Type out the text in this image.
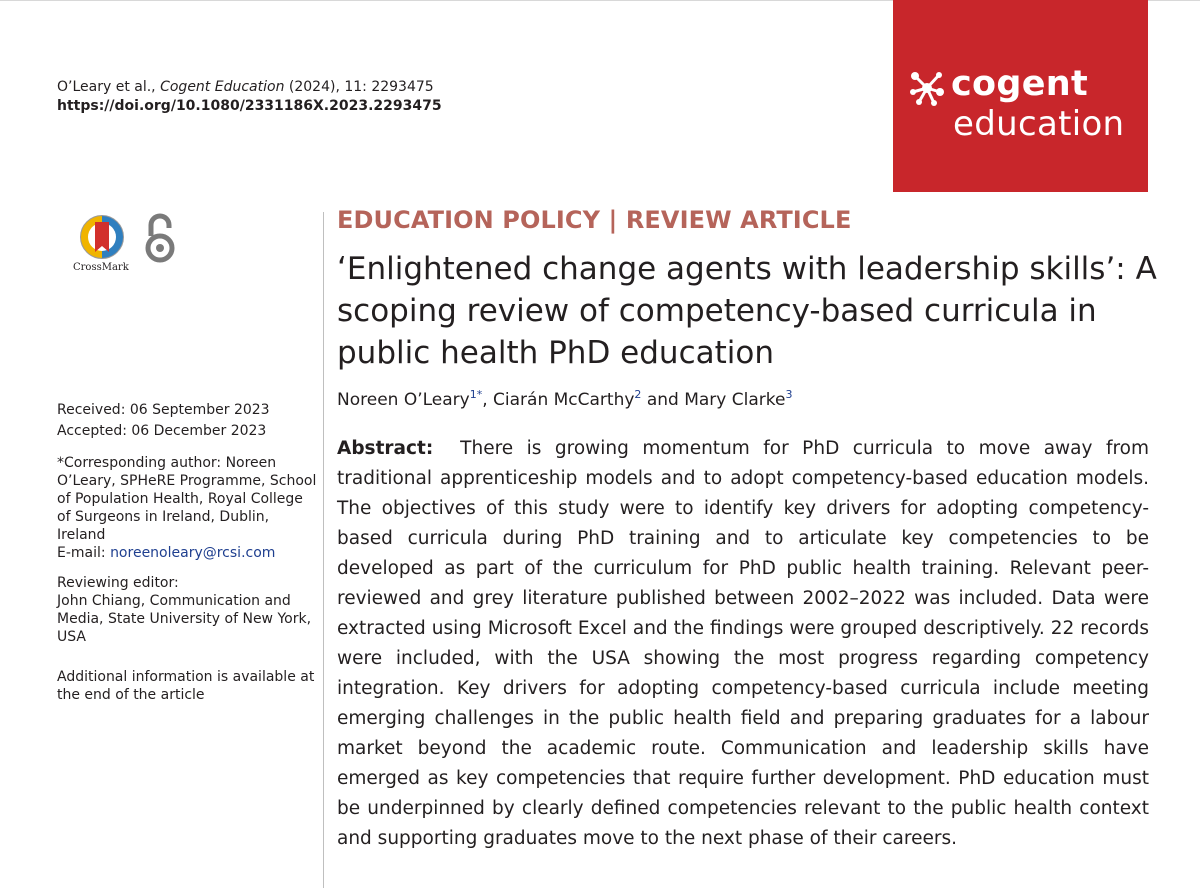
O’Leary et al., Cogent Education (2024), 11: 2293475
https://doi.org/10.1080/2331186X.2023.2293475
cogent
education
CrossMark

Received: 06 September 2023

Accepted: 06 December 2023

*Corresponding author: Noreen O’Leary, SPHeRE Programme, School of Population Health, Royal College of Surgeons in Ireland, Dublin, Ireland
E-mail: noreenoleary@rcsi.com

Reviewing editor:

John Chiang, Communication and Media, State University of New York, USA

Additional information is available at the end of the article

EDUCATION POLICY | REVIEW ARTICLE
‘Enlightened change agents with leadership skills’: A scoping review of competency-based curricula in public health PhD education
Noreen O’Leary$^{1*}$, Ciarán McCarthy$^2$ and Mary Clarke$^3$

Abstract: There is growing momentum for PhD curricula to move away from traditional apprenticeship models and to adopt competency-based education models. The objectives of this study were to identify key drivers for adopting competency-based curricula during PhD training and to articulate key competencies to be developed as part of the curriculum for PhD public health training. Relevant peer-reviewed and grey literature published between 2002–2022 was included. Data were extracted using Microsoft Excel and the findings were grouped descriptively. 22 records were included, with the USA showing the most progress regarding competency integration. Key drivers for adopting competency-based curricula include meeting emerging challenges in the public health field and preparing graduates for a labour market beyond the academic route. Communication and leadership skills have emerged as key competencies that require further development. PhD education must be underpinned by clearly defined competencies relevant to the public health context and supporting graduates move to the next phase of their careers.
